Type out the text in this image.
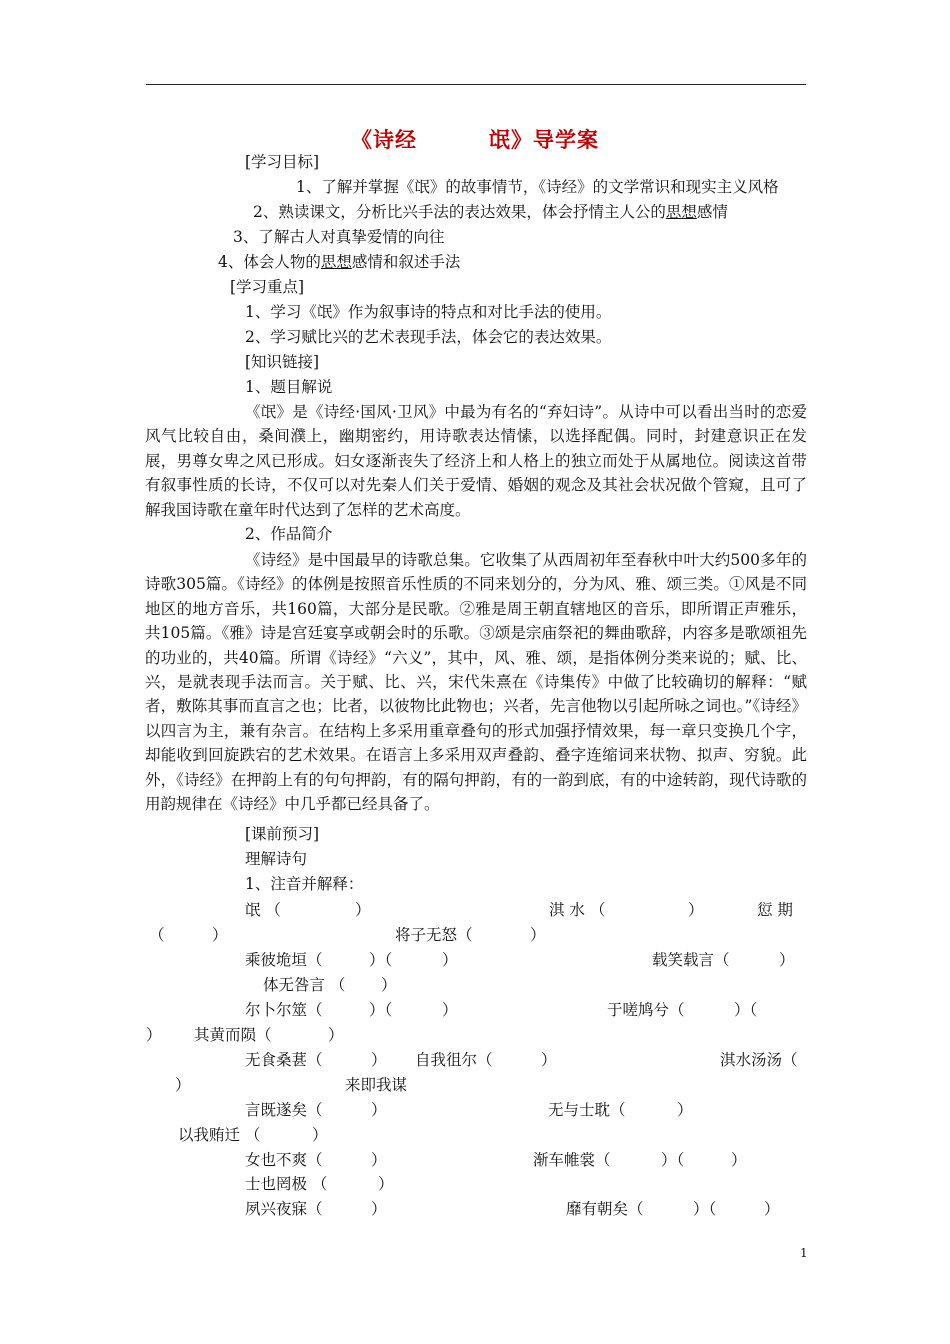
《诗经	氓》导学案
[学习目标]
1、了解并掌握《氓》的故事情节，《诗经》的文学常识和现实主义风格
2、熟读课文，分析比兴手法的表达效果，体会抒情主人公的思想感情
3、了解古人对真挚爱情的向往
4、体会人物的思想感情和叙述手法
[学习重点]
1、学习《氓》作为叙事诗的特点和对比手法的使用。
2、学习赋比兴的艺术表现手法，体会它的表达效果。
[知识链接]
1、题目解说
《氓》是《诗经·国风·卫风》中最为有名的“弃妇诗”。从诗中可以看出当时的恋爱风气比较自由，桑间濮上，幽期密约，用诗歌表达情愫，以选择配偶。同时，封建意识正在发展，男尊女卑之风已形成。妇女逐渐丧失了经济上和人格上的独立而处于从属地位。阅读这首带有叙事性质的长诗，不仅可以对先秦人们关于爱情、婚姻的观念及其社会状况做个管窥，且可了解我国诗歌在童年时代达到了怎样的艺术高度。
2、作品简介
《诗经》是中国最早的诗歌总集。它收集了从西周初年至春秋中叶大约500多年的诗歌305篇。《诗经》的体例是按照音乐性质的不同来划分的，分为风、雅、颂三类。①风是不同地区的地方音乐，共160篇，大部分是民歌。②雅是周王朝直辖地区的音乐，即所谓正声雅乐，共105篇。《雅》诗是宫廷宴享或朝会时的乐歌。③颂是宗庙祭祀的舞曲歌辞，内容多是歌颂祖先的功业的，共40篇。所谓《诗经》“六义”，其中，风、雅、颂，是指体例分类来说的；赋、比、兴，是就表现手法而言。关于赋、比、兴，宋代朱熹在《诗集传》中做了比较确切的解释：“赋者，敷陈其事而直言之也；比者，以彼物比此物也；兴者，先言他物以引起所咏之词也。”《诗经》以四言为主，兼有杂言。在结构上多采用重章叠句的形式加强抒情效果，每一章只变换几个字，却能收到回旋跌宕的艺术效果。在语言上多采用双声叠韵、叠字连缩词来状物、拟声、穷貌。此外，《诗经》在押韵上有的句句押韵，有的隔句押韵，有的一韵到底，有的中途转韵，现代诗歌的用韵规律在《诗经》中几乎都已经具备了。
[课前预习]
理解诗句
1、注音并解释：
氓 （	）	淇 水 （	）	愆 期
（	）	将子无怒（	）
乘彼垝垣（	）（	）	载笑载言（	）
体无咎言 （ ）
尔卜尔筮（	）（	）	于嗟鸠兮（	）（
） 其黄而陨（	）
无食桑葚（	） 自我徂尔（	）	淇水汤汤（
）	来即我谋
言既遂矣（	）	无与士耽（	）
以我贿迁 （	）
女也不爽（	）	渐车帷裳（	）（	）
士也罔极 （	）
夙兴夜寐（	）	靡有朝矣（	）（	）
1
